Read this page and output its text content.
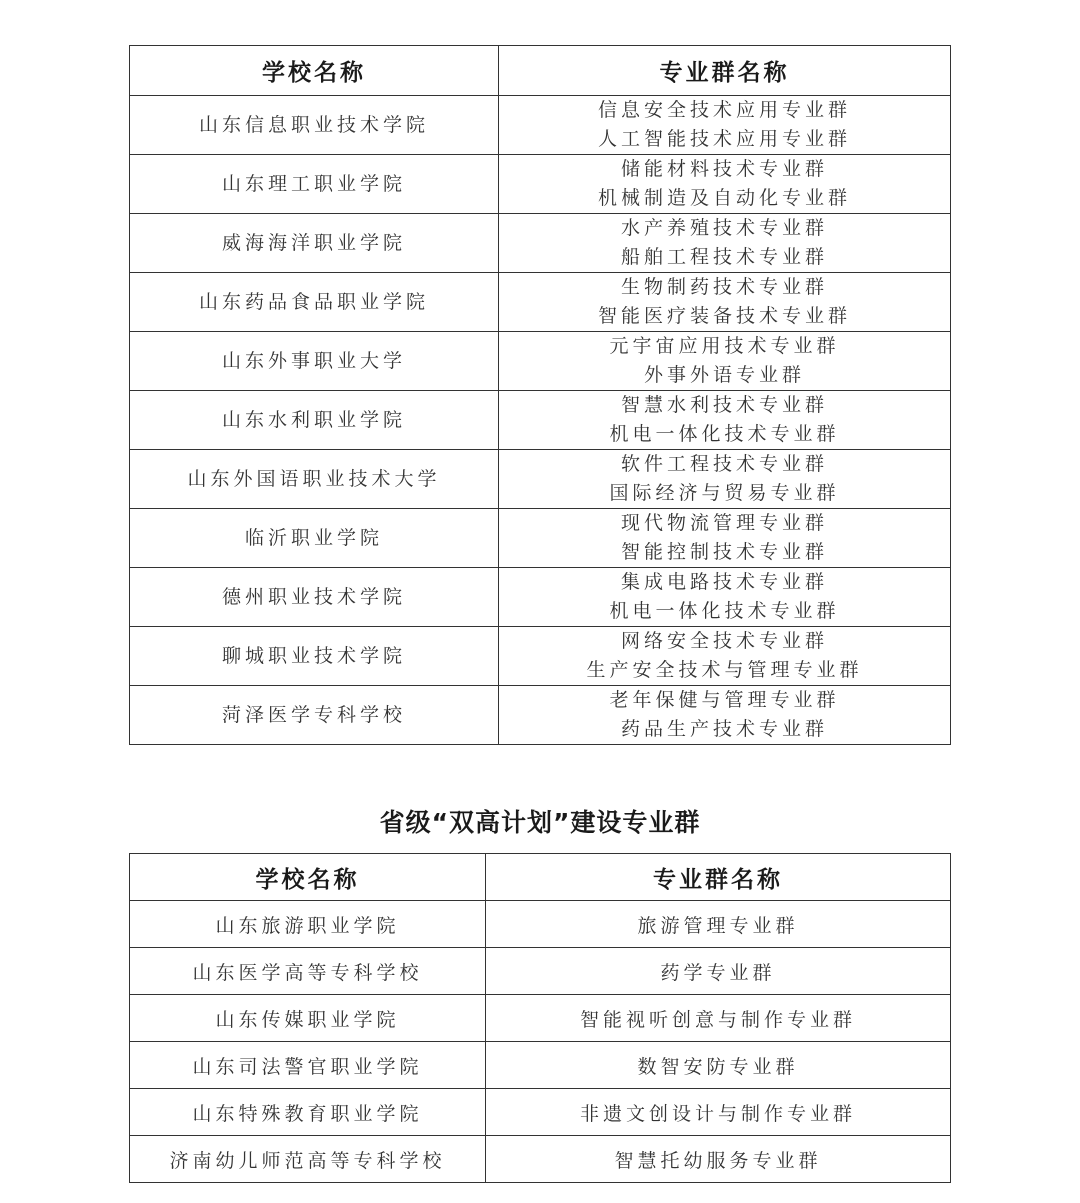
学校名称	专业群名称
山东信息职业技术学院	信息安全技术应用专业群
人工智能技术应用专业群

山东理工职业学院	储能材料技术专业群
机械制造及自动化专业群

威海海洋职业学院	水产养殖技术专业群
船舶工程技术专业群

山东药品食品职业学院	生物制药技术专业群
智能医疗装备技术专业群

山东外事职业大学	元宇宙应用技术专业群
外事外语专业群

山东水利职业学院	智慧水利技术专业群
机电一体化技术专业群

山东外国语职业技术大学	软件工程技术专业群
国际经济与贸易专业群

临沂职业学院	现代物流管理专业群
智能控制技术专业群

德州职业技术学院	集成电路技术专业群
机电一体化技术专业群

聊城职业技术学院	网络安全技术专业群
生产安全技术与管理专业群

菏泽医学专科学校	老年保健与管理专业群
药品生产技术专业群
省级“双高计划”建设专业群
学校名称	专业群名称
山东旅游职业学院	旅游管理专业群
山东医学高等专科学校	药学专业群
山东传媒职业学院	智能视听创意与制作专业群
山东司法警官职业学院	数智安防专业群
山东特殊教育职业学院	非遗文创设计与制作专业群
济南幼儿师范高等专科学校	智慧托幼服务专业群
